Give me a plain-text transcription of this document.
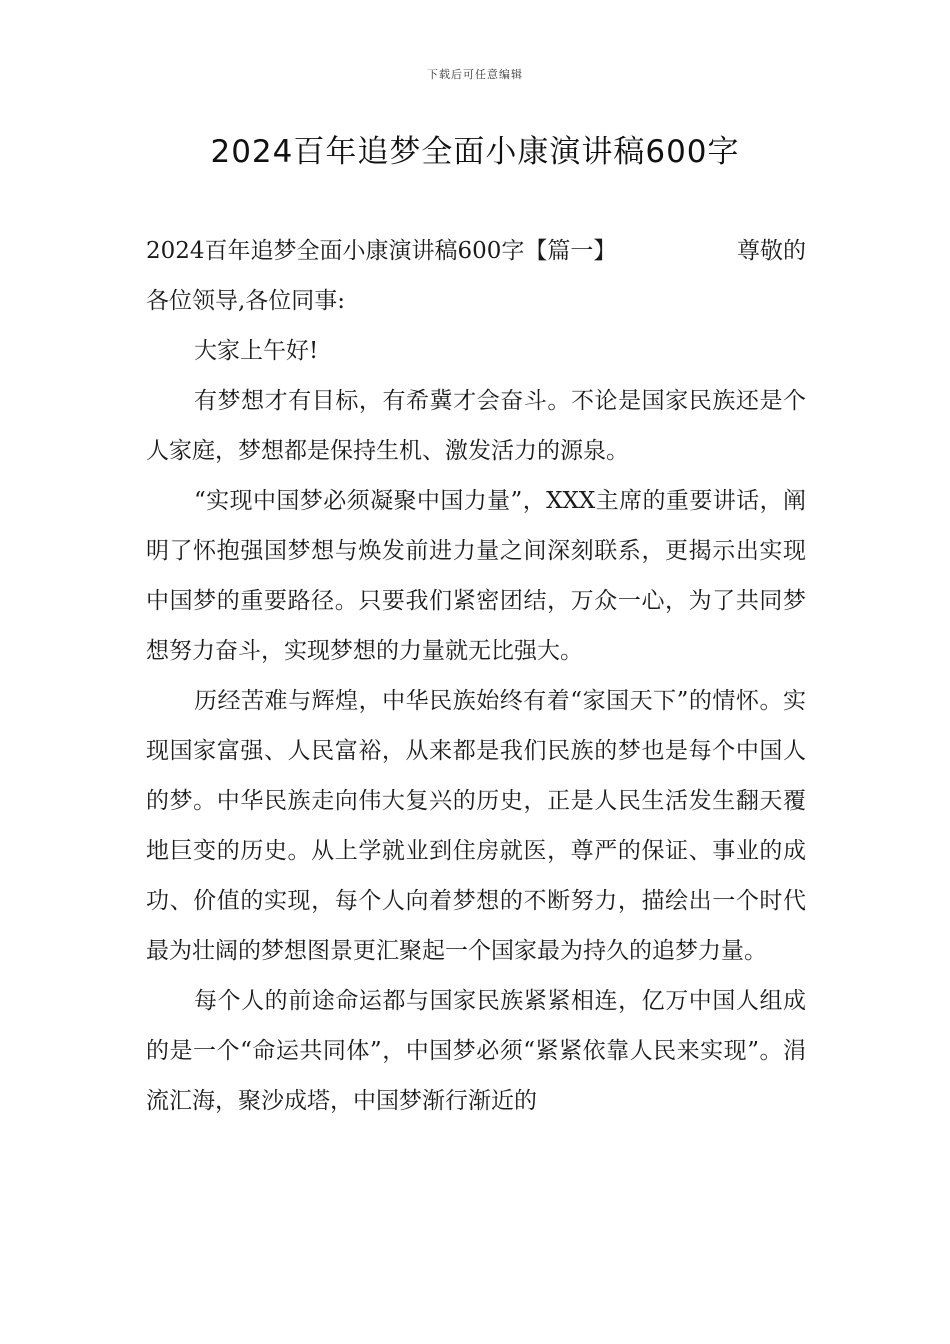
下载后可任意编辑
2024百年追梦全面小康演讲稿600字
2024百年追梦全面小康演讲稿600字【篇一】	尊敬的
各位领导,各位同事:

大家上午好!

有梦想才有目标，有希冀才会奋斗。不论是国家民族还是个人家庭，梦想都是保持生机、激发活力的源泉。

“实现中国梦必须凝聚中国力量”，XXX主席的重要讲话，阐明了怀抱强国梦想与焕发前进力量之间深刻联系，更揭示出实现中国梦的重要路径。只要我们紧密团结，万众一心，为了共同梦想努力奋斗，实现梦想的力量就无比强大。

历经苦难与辉煌，中华民族始终有着“家国天下”的情怀。实现国家富强、人民富裕，从来都是我们民族的梦也是每个中国人的梦。中华民族走向伟大复兴的历史，正是人民生活发生翻天覆地巨变的历史。从上学就业到住房就医，尊严的保证、事业的成功、价值的实现，每个人向着梦想的不断努力，描绘出一个时代最为壮阔的梦想图景更汇聚起一个国家最为持久的追梦力量。

每个人的前途命运都与国家民族紧紧相连，亿万中国人组成的是一个“命运共同体”，中国梦必须“紧紧依靠人民来实现”。涓流汇海，聚沙成塔，中国梦渐行渐近的
